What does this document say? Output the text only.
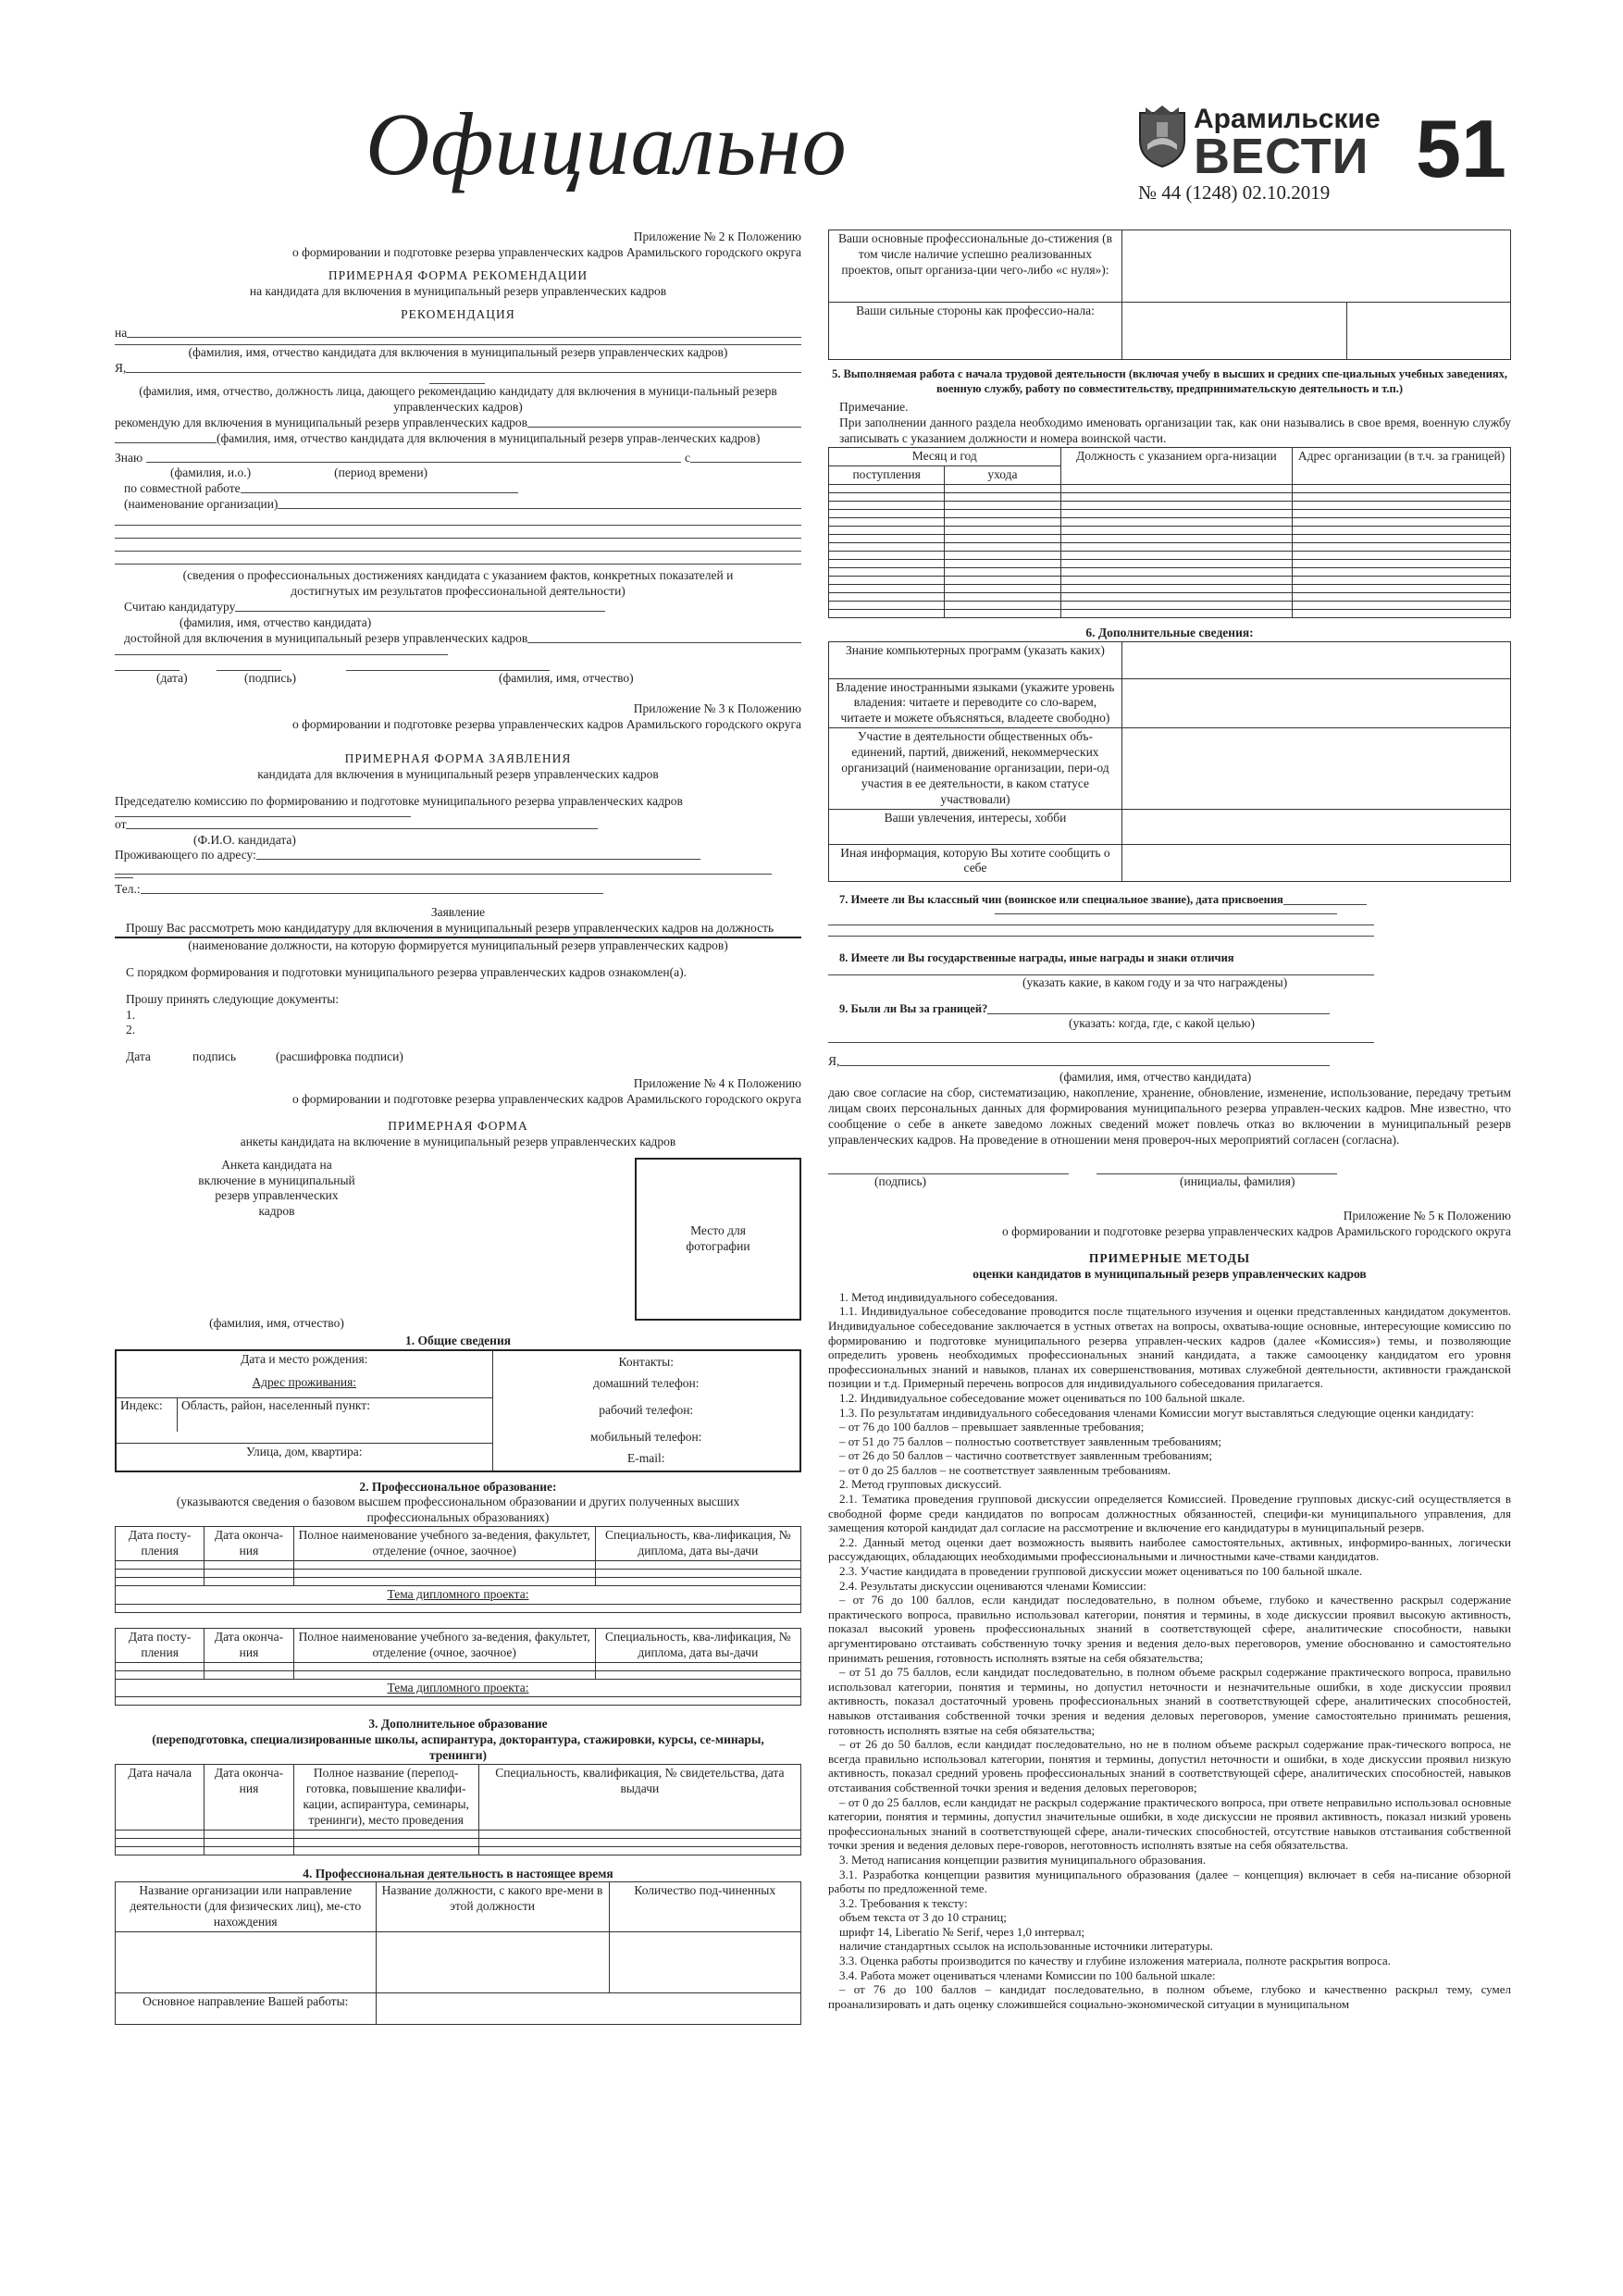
Официально	Арамильские
ВЕСТИ
№ 44 (1248) 02.10.2019 51

Приложение № 2 к Положению

о формировании и подготовке резерва управленческих кадров Арамильского городского округа

ПРИМЕРНАЯ ФОРМА РЕКОМЕНДАЦИИ

на кандидата для включения в муниципальный резерв управленческих кадров

РЕКОМЕНДАЦИЯ

на

(фамилия, имя, отчество кандидата для включения в муниципальный резерв управленческих кадров)

Я,

(фамилия, имя, отчество, должность лица, дающего рекомендацию кандидату для включения в муници-пальный резерв управленческих кадров)

рекомендую для включения в муниципальный резерв управленческих кадров
(фамилия, имя, отчество кандидата для включения в муниципальный резерв управ-ленческих кадров)
Знаю	с
(фамилия, и.о.)	(период времени)
по совместной работе
(наименование организации)

(сведения о профессиональных достижениях кандидата с указанием фактов, конкретных показателей и достигнутых им результатов профессиональной деятельности)

Считаю кандидатуру

(фамилия, имя, отчество кандидата)

достойной для включения в муниципальный резерв управленческих кадров
(дата)	(подпись)	(фамилия, имя, отчество)

Приложение № 3 к Положению

о формировании и подготовке резерва управленческих кадров Арамильского городского округа

ПРИМЕРНАЯ ФОРМА ЗАЯВЛЕНИЯ

кандидата для включения в муниципальный резерв управленческих кадров

Председателю комиссию по формированию и подготовке муниципального резерва управленческих кадров

от

(Ф.И.О. кандидата)

Проживающего по адресу:
Тел.:

Заявление

Прошу Вас рассмотреть мою кандидатуру для включения в муниципальный резерв управленческих кадров на должность

(наименование должности, на которую формируется муниципальный резерв управленческих кадров)

С порядком формирования и подготовки муниципального резерва управленческих кадров ознакомлен(а).

Прошу принять следующие документы:

1.

2.

Дата	подпись	(расшифровка подписи)

Приложение № 4 к Положению

о формировании и подготовке резерва управленческих кадров Арамильского городского округа

ПРИМЕРНАЯ ФОРМА

анкеты кандидата на включение в муниципальный резерв управленческих кадров

Анкета кандидата на включение в муниципальный резерв управленческих кадров

(фамилия, имя, отчество)

Место для фотографии

1. Общие сведения

Дата и место рождения:	Контакты:
домашний телефон:
рабочий телефон:
мобильный телефон:
E-mail:

Адрес проживания:

Индекс:	Область, район, населенный пункт:

Улица, дом, квартира:

2. Профессиональное образование:

(указываются сведения о базовом высшем профессиональном образовании и других полученных высших профессиональных образованиях)

Дата посту-пления	Дата оконча-ния	Полное наименование учебного за-ведения, факультет, отделение (очное, заочное)	Специальность, ква-лификация, № диплома, дата вы-дачи

Тема дипломного проекта:			

Дата посту-пления	Дата оконча-ния	Полное наименование учебного за-ведения, факультет, отделение (очное, заочное)	Специальность, ква-лификация, № диплома, дата вы-дачи

Тема дипломного проекта:			

3. Дополнительное образование

(переподготовка, специализированные школы, аспирантура, докторантура, стажировки, курсы, се-минары, тренинги)

Дата начала	Дата оконча-ния	Полное название (перепод-готовка, повышение квалифи-кации, аспирантура, семинары, тренинги), место проведения	Специальность, квалификация, № свидетельства, дата выдачи

4. Профессиональная деятельность в настоящее время

Название организации или направление деятельности (для физических лиц), ме-сто нахождения	Название должности, с какого вре-мени в этой должности	Количество под-чиненных

Основное направление Вашей работы:		
Ваши основные профессиональные до-стижения (в том числе наличие успешно реализованных проектов, опыт организа-ции чего-либо «с нуля»):		
Ваши сильные стороны как профессио-нала:		

5. Выполняемая работа с начала трудовой деятельности (включая учебу в высших и средних спе-циальных учебных заведениях, военную службу, работу по совместительству, предпринимательскую деятельность и т.п.)

Примечание.

При заполнении данного раздела необходимо именовать организации так, как они назывались в свое время, военную службу записывать с указанием должности и номера воинской части.

Месяц и год		Должность с указанием орга-низации	Адрес организации (в т.ч. за границей)
поступления	ухода		

6. Дополнительные сведения:

Знание компьютерных программ (указать каких)	
Владение иностранными языками (укажите уровень владения: читаете и переводите со сло-варем, читаете и можете объясняться, владеете свободно)	
Участие в деятельности общественных объ-единений, партий, движений, некоммерческих организаций (наименование организации, пери-од участия в ее деятельности, в каком статусе участвовали)	
Ваши увлечения, интересы, хобби	
Иная информация, которую Вы хотите сообщить о себе	
7. Имеете ли Вы классный чин (воинское или специальное звание), дата присвоения

8. Имеете ли Вы государственные награды, иные награды и знаки отличия

(указать какие, в каком году и за что награждены)

9. Были ли Вы за границей?

(указать: когда, где, с какой целью)

Я,

(фамилия, имя, отчество кандидата)

даю свое согласие на сбор, систематизацию, накопление, хранение, обновление, изменение, использование, передачу третьим лицам своих персональных данных для формирования муниципального резерва управлен-ческих кадров. Мне известно, что сообщение о себе в анкете заведомо ложных сведений может повлечь отказ во включении в муниципальный резерв управленческих кадров. На проведение в отношении меня провероч-ных мероприятий согласен (согласна).

(подпись)	(инициалы, фамилия)

Приложение № 5 к Положению

о формировании и подготовке резерва управленческих кадров Арамильского городского округа

ПРИМЕРНЫЕ МЕТОДЫ

оценки кандидатов в муниципальный резерв управленческих кадров

1. Метод индивидуального собеседования.

1.1. Индивидуальное собеседование проводится после тщательного изучения и оценки представленных кандидатом документов. Индивидуальное собеседование заключается в устных ответах на вопросы, охватыва-ющие основные, интересующие комиссию по формированию и подготовке муниципального резерва управлен-ческих кадров (далее «Комиссия») темы, и позволяющие определить уровень необходимых профессиональных знаний кандидата, а также самооценку кандидатом его уровня профессиональных знаний и навыков, планах их совершенствования, мотивах служебной деятельности, активности гражданской позиции и т.д. Примерный перечень вопросов для индивидуального собеседования прилагается.

1.2. Индивидуальное собеседование может оцениваться по 100 бальной шкале.

1.3. По результатам индивидуального собеседования членами Комиссии могут выставляться следующие оценки кандидату:

– от 76 до 100 баллов – превышает заявленные требования;

– от 51 до 75 баллов – полностью соответствует заявленным требованиям;

– от 26 до 50 баллов – частично соответствует заявленным требованиям;

– от 0 до 25 баллов – не соответствует заявленным требованиям.

2. Метод групповых дискуссий.

2.1. Тематика проведения групповой дискуссии определяется Комиссией. Проведение групповых дискус-сий осуществляется в свободной форме среди кандидатов по вопросам должностных обязанностей, специфи-ки муниципального управления, для замещения которой кандидат дал согласие на рассмотрение и включение его кандидатуры в муниципальный резерв.

2.2. Данный метод оценки дает возможность выявить наиболее самостоятельных, активных, информиро-ванных, логически рассуждающих, обладающих необходимыми профессиональными и личностными каче-ствами кандидатов.

2.3. Участие кандидата в проведении групповой дискуссии может оцениваться по 100 бальной шкале.

2.4. Результаты дискуссии оцениваются членами Комиссии:

– от 76 до 100 баллов, если кандидат последовательно, в полном объеме, глубоко и качественно раскрыл содержание практического вопроса, правильно использовал категории, понятия и термины, в ходе дискуссии проявил высокую активность, показал высокий уровень профессиональных знаний в соответствующей сфере, аналитические способности, навыки аргументировано отстаивать собственную точку зрения и ведения дело-вых переговоров, умение обоснованно и самостоятельно принимать решения, готовность исполнять взятые на себя обязательства;

– от 51 до 75 баллов, если кандидат последовательно, в полном объеме раскрыл содержание практического вопроса, правильно использовал категории, понятия и термины, но допустил неточности и незначительные ошибки, в ходе дискуссии проявил активность, показал достаточный уровень профессиональных знаний в соответствующей сфере, аналитических способностей, навыков отстаивания собственной точки зрения и ведения деловых переговоров, умение самостоятельно принимать решения, готовность исполнять взятые на себя обязательства;

– от 26 до 50 баллов, если кандидат последовательно, но не в полном объеме раскрыл содержание прак-тического вопроса, не всегда правильно использовал категории, понятия и термины, допустил неточности и ошибки, в ходе дискуссии проявил низкую активность, показал средний уровень профессиональных знаний в соответствующей сфере, аналитических способностей, навыков отстаивания собственной точки зрения и ведения деловых переговоров;

– от 0 до 25 баллов, если кандидат не раскрыл содержание практического вопроса, при ответе неправильно использовал основные категории, понятия и термины, допустил значительные ошибки, в ходе дискуссии не проявил активность, показал низкий уровень профессиональных знаний в соответствующей сфере, анали-тических способностей, отсутствие навыков отстаивания собственной точки зрения и ведения деловых пере-говоров, неготовность исполнять взятые на себя обязательства.

3. Метод написания концепции развития муниципального образования.

3.1. Разработка концепции развития муниципального образования (далее – концепция) включает в себя на-писание обзорной работы по предложенной теме.

3.2. Требования к тексту:

объем текста от 3 до 10 страниц;

шрифт 14, Liberatio № Serif, через 1,0 интервал;

наличие стандартных ссылок на использованные источники литературы.

3.3. Оценка работы производится по качеству и глубине изложения материала, полноте раскрытия вопроса.

3.4. Работа может оцениваться членами Комиссии по 100 бальной шкале:

– от 76 до 100 баллов – кандидат последовательно, в полном объеме, глубоко и качественно раскрыл тему, сумел проанализировать и дать оценку сложившейся социально-экономической ситуации в муниципальном
